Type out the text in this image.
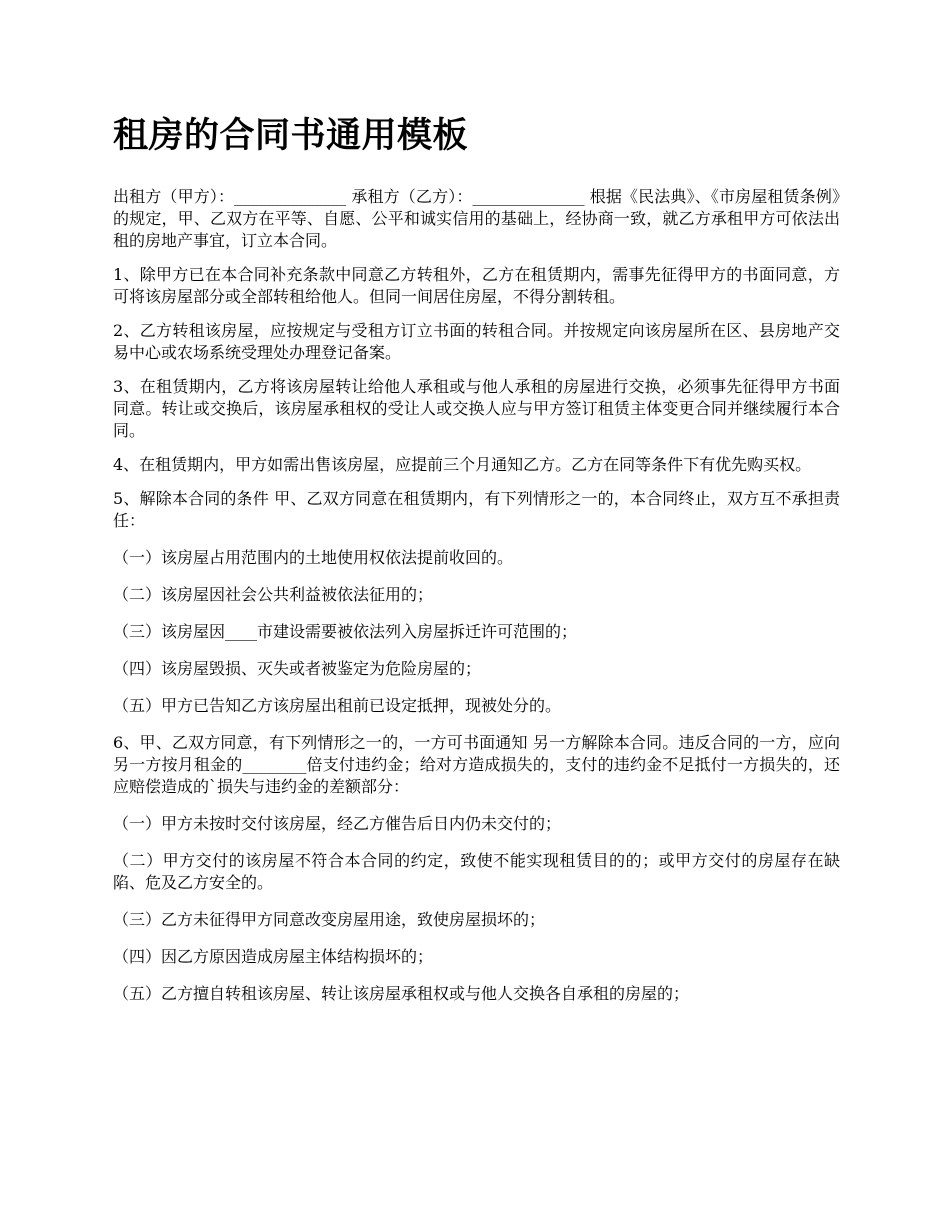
租房的合同书通用模板

出租方（甲方）：______________ 承租方（乙方）：______________ 根据《民法典》、《市房屋租赁条例》的规定，甲、乙双方在平等、自愿、公平和诚实信用的基础上，经协商一致，就乙方承租甲方可依法出租的房地产事宜，订立本合同。

1、除甲方已在本合同补充条款中同意乙方转租外，乙方在租赁期内，需事先征得甲方的书面同意，方可将该房屋部分或全部转租给他人。但同一间居住房屋，不得分割转租。

2、乙方转租该房屋，应按规定与受租方订立书面的转租合同。并按规定向该房屋所在区、县房地产交易中心或农场系统受理处办理登记备案。

3、在租赁期内，乙方将该房屋转让给他人承租或与他人承租的房屋进行交换，必须事先征得甲方书面同意。转让或交换后，该房屋承租权的受让人或交换人应与甲方签订租赁主体变更合同并继续履行本合同。

4、在租赁期内，甲方如需出售该房屋，应提前三个月通知乙方。乙方在同等条件下有优先购买权。

5、解除本合同的条件 甲、乙双方同意在租赁期内，有下列情形之一的，本合同终止，双方互不承担责任：

（一）该房屋占用范围内的土地使用权依法提前收回的。

（二）该房屋因社会公共利益被依法征用的；

（三）该房屋因____市建设需要被依法列入房屋拆迁许可范围的；

（四）该房屋毁损、灭失或者被鉴定为危险房屋的；

（五）甲方已告知乙方该房屋出租前已设定抵押，现被处分的。

6、甲、乙双方同意，有下列情形之一的，一方可书面通知 另一方解除本合同。违反合同的一方，应向另一方按月租金的________倍支付违约金；给对方造成损失的，支付的违约金不足抵付一方损失的，还应赔偿造成的`损失与违约金的差额部分：

（一）甲方未按时交付该房屋，经乙方催告后日内仍未交付的；

（二）甲方交付的该房屋不符合本合同的约定，致使不能实现租赁目的的；或甲方交付的房屋存在缺陷、危及乙方安全的。

（三）乙方未征得甲方同意改变房屋用途，致使房屋损坏的；

（四）因乙方原因造成房屋主体结构损坏的；

（五）乙方擅自转租该房屋、转让该房屋承租权或与他人交换各自承租的房屋的；
